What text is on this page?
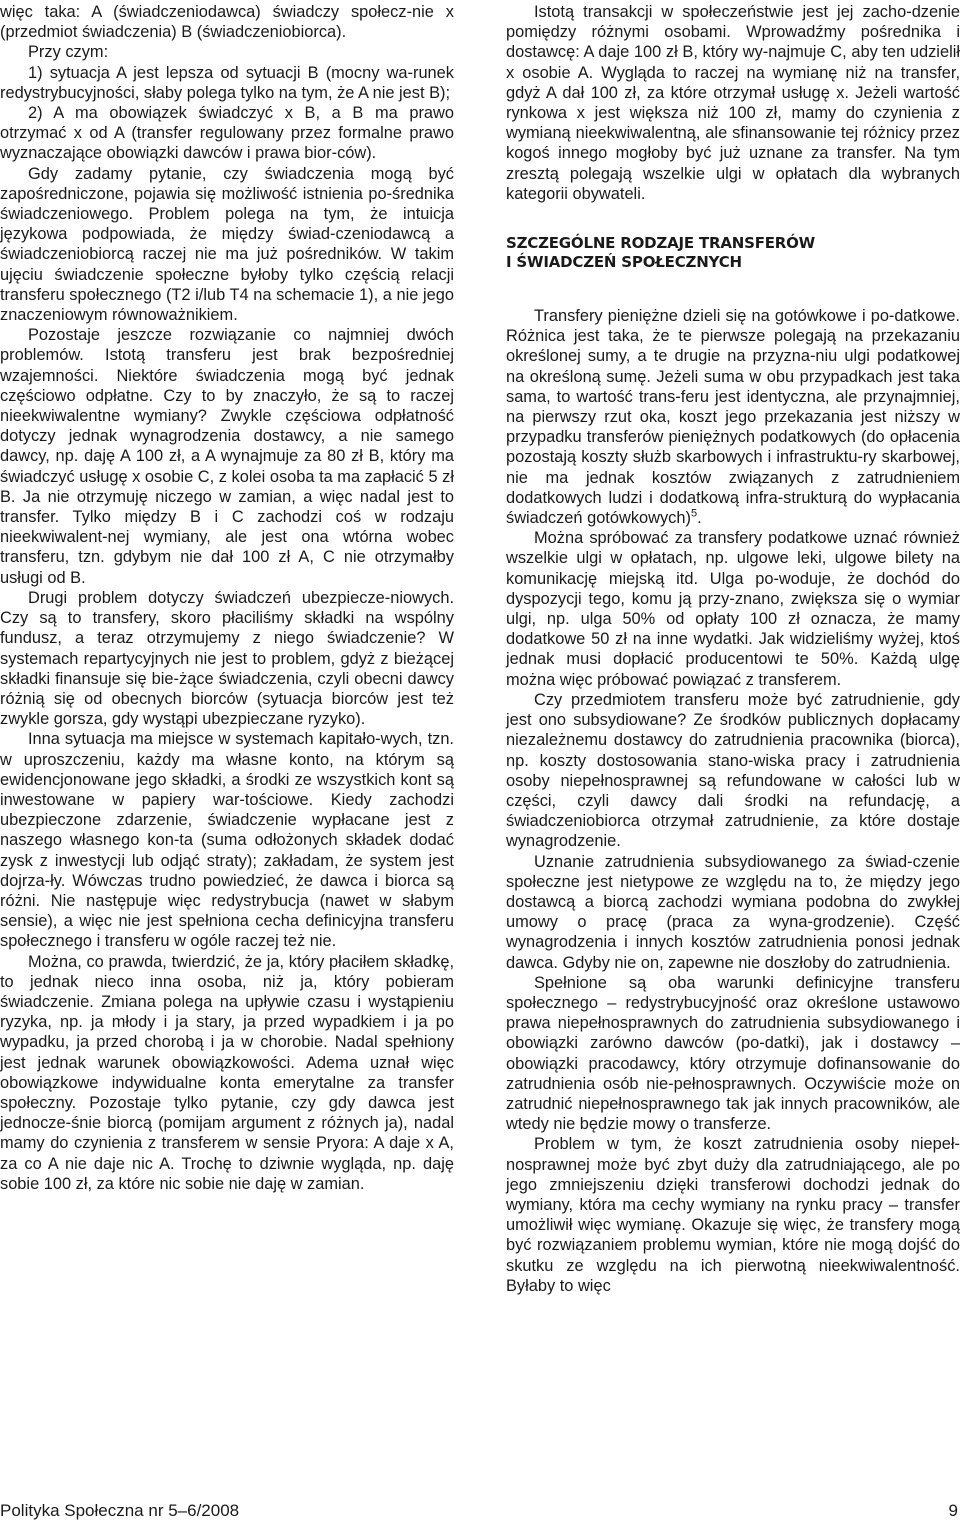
więc taka: A (świadczeniodawca) świadczy społecz-nie x (przedmiot świadczenia) B (świadczeniobiorca).

Przy czym:

1) sytuacja A jest lepsza od sytuacji B (mocny wa-runek redystrybucyjności, słaby polega tylko na tym, że A nie jest B);

2) A ma obowiązek świadczyć x B, a B ma prawo otrzymać x od A (transfer regulowany przez formalne prawo wyznaczające obowiązki dawców i prawa bior-ców).

Gdy zadamy pytanie, czy świadczenia mogą być zapośredniczone, pojawia się możliwość istnienia po-średnika świadczeniowego. Problem polega na tym, że intuicja językowa podpowiada, że między świad-czeniodawcą a świadczeniobiorcą raczej nie ma już pośredników. W takim ujęciu świadczenie społeczne byłoby tylko częścią relacji transferu społecznego (T2 i/lub T4 na schemacie 1), a nie jego znaczeniowym równoważnikiem.

Pozostaje jeszcze rozwiązanie co najmniej dwóch problemów. Istotą transferu jest brak bezpośredniej wzajemności. Niektóre świadczenia mogą być jednak częściowo odpłatne. Czy to by znaczyło, że są to raczej nieekwiwalentne wymiany? Zwykle częściowa odpłatność dotyczy jednak wynagrodzenia dostawcy, a nie samego dawcy, np. daję A 100 zł, a A wynajmuje za 80 zł B, który ma świadczyć usługę x osobie C, z kolei osoba ta ma zapłacić 5 zł B. Ja nie otrzymuję niczego w zamian, a więc nadal jest to transfer. Tylko między B i C zachodzi coś w rodzaju nieekwiwalent-nej wymiany, ale jest ona wtórna wobec transferu, tzn. gdybym nie dał 100 zł A, C nie otrzymałby usługi od B.

Drugi problem dotyczy świadczeń ubezpiecze-niowych. Czy są to transfery, skoro płaciliśmy składki na wspólny fundusz, a teraz otrzymujemy z niego świadczenie? W systemach repartycyjnych nie jest to problem, gdyż z bieżącej składki finansuje się bie-żące świadczenia, czyli obecni dawcy różnią się od obecnych biorców (sytuacja biorców jest też zwykle gorsza, gdy wystąpi ubezpieczane ryzyko).

Inna sytuacja ma miejsce w systemach kapitało-wych, tzn. w uproszczeniu, każdy ma własne konto, na którym są ewidencjonowane jego składki, a środki ze wszystkich kont są inwestowane w papiery war-tościowe. Kiedy zachodzi ubezpieczone zdarzenie, świadczenie wypłacane jest z naszego własnego kon-ta (suma odłożonych składek dodać zysk z inwestycji lub odjąć straty); zakładam, że system jest dojrza-ły. Wówczas trudno powiedzieć, że dawca i biorca są różni. Nie następuje więc redystrybucja (nawet w słabym sensie), a więc nie jest spełniona cecha definicyjna transferu społecznego i transferu w ogóle raczej też nie.

Można, co prawda, twierdzić, że ja, który płaciłem składkę, to jednak nieco inna osoba, niż ja, który pobieram świadczenie. Zmiana polega na upływie czasu i wystąpieniu ryzyka, np. ja młody i ja stary, ja przed wypadkiem i ja po wypadku, ja przed chorobą i ja w chorobie. Nadal spełniony jest jednak warunek obowiązkowości. Adema uznał więc obowiązkowe indywidualne konta emerytalne za transfer społeczny. Pozostaje tylko pytanie, czy gdy dawca jest jednocze-śnie biorcą (pomijam argument z różnych ja), nadal mamy do czynienia z transferem w sensie Pryora: A daje x A, za co A nie daje nic A. Trochę to dziwnie wygląda, np. daję sobie 100 zł, za które nic sobie nie daję w zamian.

Istotą transakcji w społeczeństwie jest jej zacho-dzenie pomiędzy różnymi osobami. Wprowadźmy pośrednika i dostawcę: A daje 100 zł B, który wy-najmuje C, aby ten udzielił x osobie A. Wygląda to raczej na wymianę niż na transfer, gdyż A dał 100 zł, za które otrzymał usługę x. Jeżeli wartość rynkowa x jest większa niż 100 zł, mamy do czynienia z wymianą nieekwiwalentną, ale sfinansowanie tej różnicy przez kogoś innego mogłoby być już uznane za transfer. Na tym zresztą polegają wszelkie ulgi w opłatach dla wybranych kategorii obywateli.

SZCZEGÓLNE RODZAJE TRANSFERÓW
I ŚWIADCZEŃ SPOŁECZNYCH

Transfery pieniężne dzieli się na gotówkowe i po-datkowe. Różnica jest taka, że te pierwsze polegają na przekazaniu określonej sumy, a te drugie na przyzna-niu ulgi podatkowej na określoną sumę. Jeżeli suma w obu przypadkach jest taka sama, to wartość trans-feru jest identyczna, ale przynajmniej, na pierwszy rzut oka, koszt jego przekazania jest niższy w przypadku transferów pieniężnych podatkowych (do opłacenia pozostają koszty służb skarbowych i infrastruktu-ry skarbowej, nie ma jednak kosztów związanych z zatrudnieniem dodatkowych ludzi i dodatkową infra-strukturą do wypłacania świadczeń gotówkowych)$^5$.

Można spróbować za transfery podatkowe uznać również wszelkie ulgi w opłatach, np. ulgowe leki, ulgowe bilety na komunikację miejską itd. Ulga po-woduje, że dochód do dyspozycji tego, komu ją przy-znano, zwiększa się o wymiar ulgi, np. ulga 50% od opłaty 100 zł oznacza, że mamy dodatkowe 50 zł na inne wydatki. Jak widzieliśmy wyżej, ktoś jednak musi dopłacić producentowi te 50%. Każdą ulgę można więc próbować powiązać z transferem.

Czy przedmiotem transferu może być zatrudnienie, gdy jest ono subsydiowane? Ze środków publicznych dopłacamy niezależnemu dostawcy do zatrudnienia pracownika (biorca), np. koszty dostosowania stano-wiska pracy i zatrudnienia osoby niepełnosprawnej są refundowane w całości lub w części, czyli dawcy dali środki na refundację, a świadczeniobiorca otrzymał zatrudnienie, za które dostaje wynagrodzenie.

Uznanie zatrudnienia subsydiowanego za świad-czenie społeczne jest nietypowe ze względu na to, że między jego dostawcą a biorcą zachodzi wymiana podobna do zwykłej umowy o pracę (praca za wyna-grodzenie). Część wynagrodzenia i innych kosztów zatrudnienia ponosi jednak dawca. Gdyby nie on, zapewne nie doszłoby do zatrudnienia.

Spełnione są oba warunki definicyjne transferu społecznego – redystrybucyjność oraz określone ustawowo prawa niepełnosprawnych do zatrudnienia subsydiowanego i obowiązki zarówno dawców (po-datki), jak i dostawcy – obowiązki pracodawcy, który otrzymuje dofinansowanie do zatrudnienia osób nie-pełnosprawnych. Oczywiście może on zatrudnić niepełnosprawnego tak jak innych pracowników, ale wtedy nie będzie mowy o transferze.

Problem w tym, że koszt zatrudnienia osoby niepeł-nosprawnej może być zbyt duży dla zatrudniającego, ale po jego zmniejszeniu dzięki transferowi dochodzi jednak do wymiany, która ma cechy wymiany na rynku pracy – transfer umożliwił więc wymianę. Okazuje się więc, że transfery mogą być rozwiązaniem problemu wymian, które nie mogą dojść do skutku ze względu na ich pierwotną nieekwiwalentność. Byłaby to więc

Polityka Społeczna nr 5–6/2008	9
